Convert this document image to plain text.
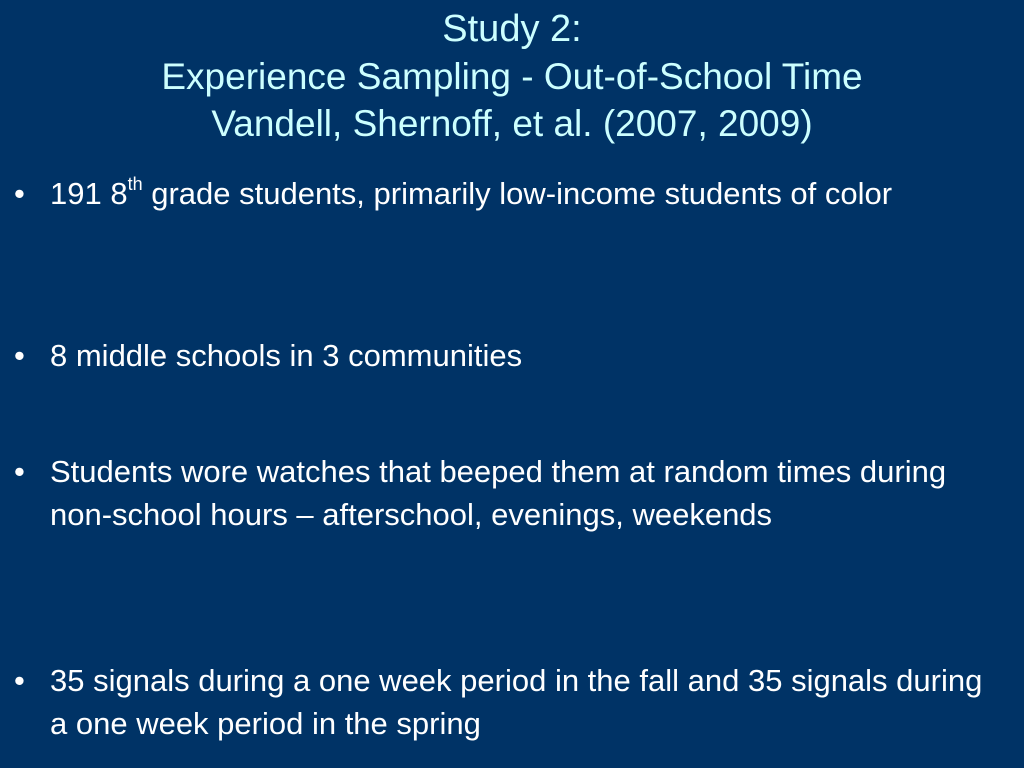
Study 2:
Experience Sampling - Out-of-School Time
Vandell, Shernoff, et al. (2007, 2009)
• 191 8th grade students, primarily low-income students of color
• 8 middle schools in 3 communities
• Students wore watches that beeped them at random times during non-school hours – afterschool, evenings, weekends
• 35 signals during a one week period in the fall and 35 signals during a one week period in the spring
